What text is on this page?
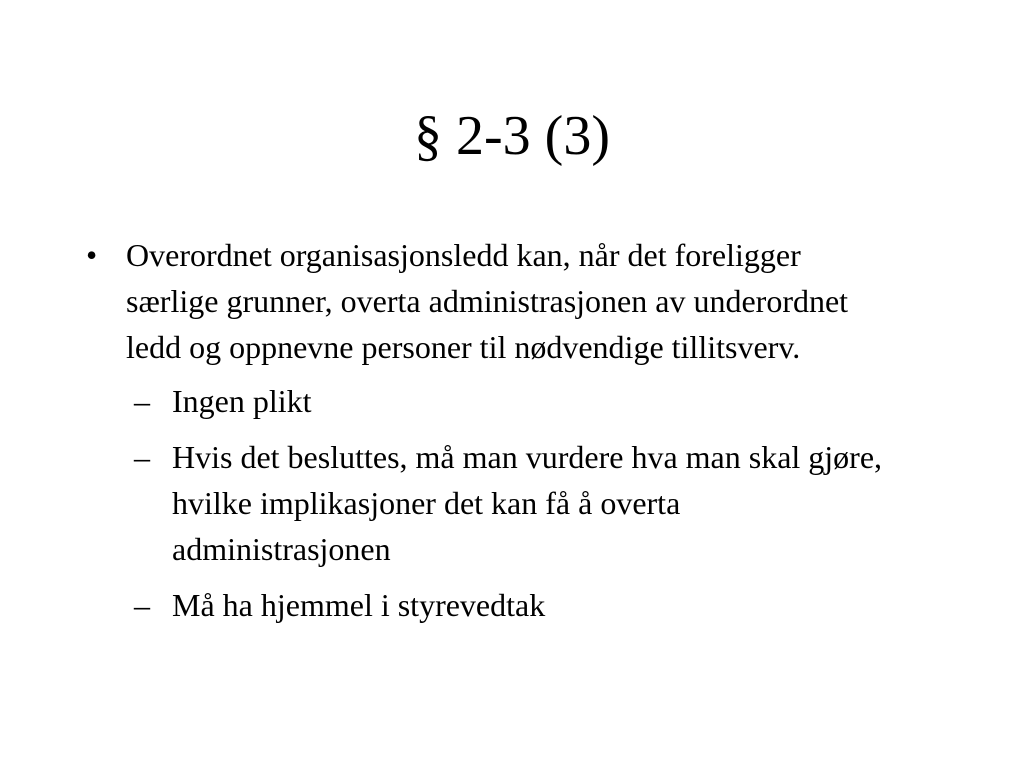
§ 2-3 (3)
• Overordnet organisasjonsledd kan, når det foreligger særlige grunner, overta administrasjonen av underordnet ledd og oppnevne personer til nødvendige tillitsverv.
– Ingen plikt
– Hvis det besluttes, må man vurdere hva man skal gjøre, hvilke implikasjoner det kan få å overta administrasjonen
– Må ha hjemmel i styrevedtak
